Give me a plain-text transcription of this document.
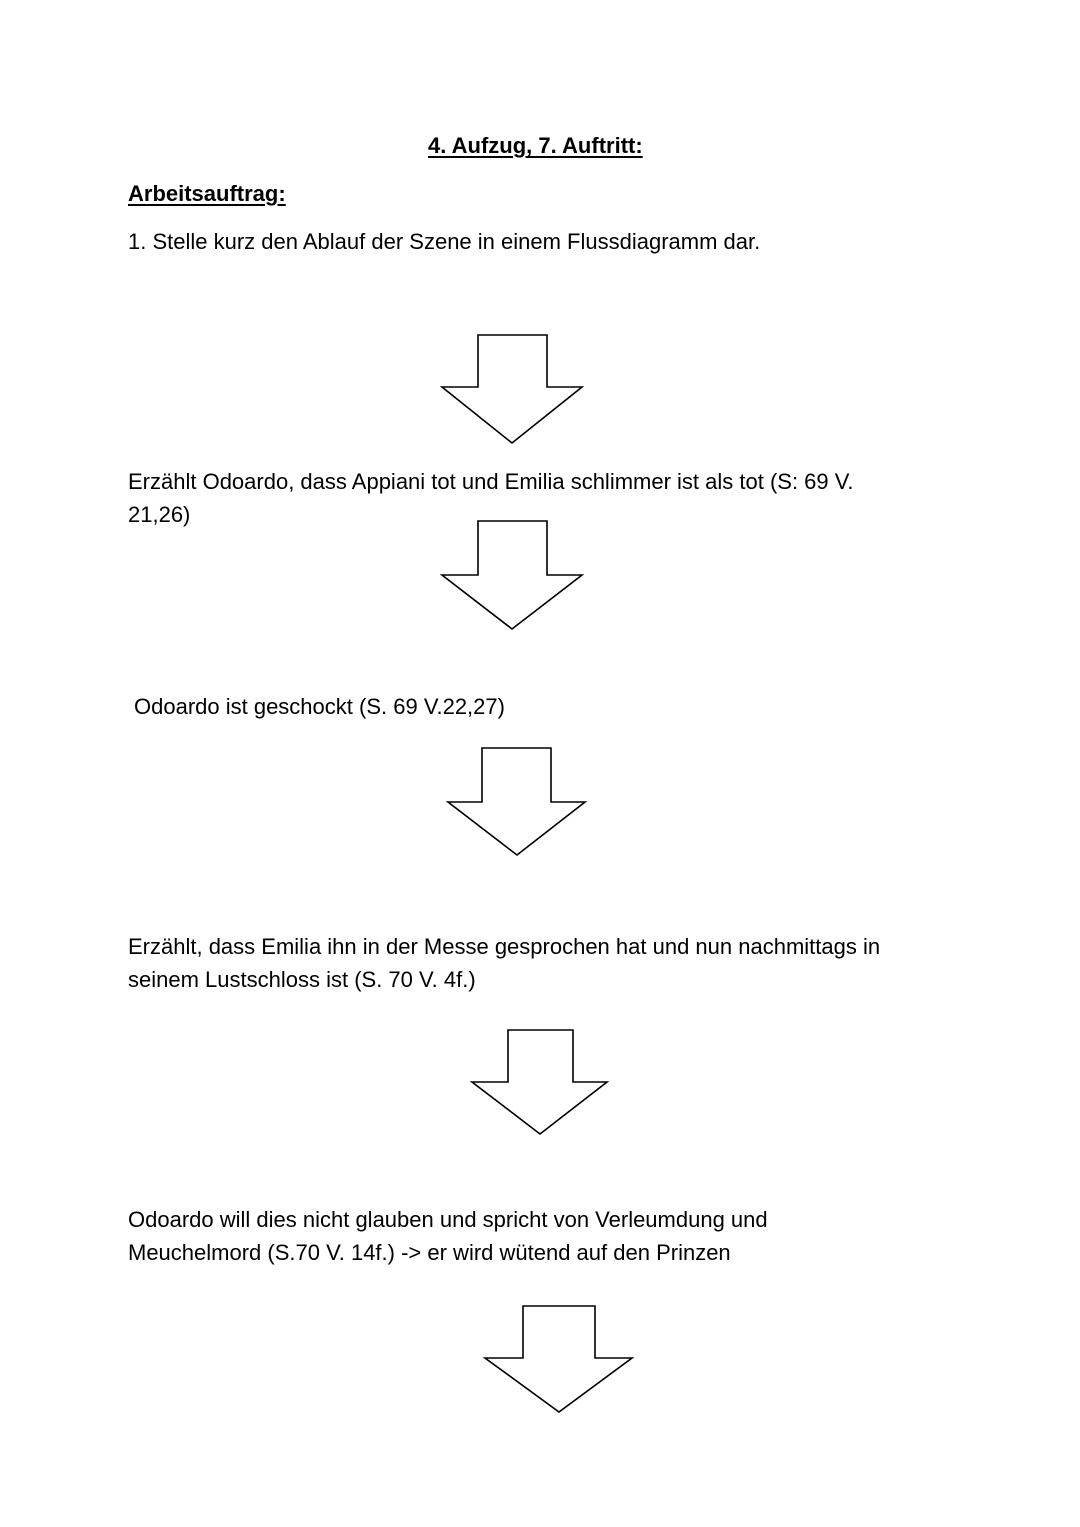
4. Aufzug, 7. Auftritt:

Arbeitsauftrag:

1. Stelle kurz den Ablauf der Szene in einem Flussdiagramm dar.

Erzählt Odoardo, dass Appiani tot und Emilia schlimmer ist als tot (S: 69 V.
21,26)
Odoardo ist geschockt (S. 69 V.22,27)
Erzählt, dass Emilia ihn in der Messe gesprochen hat und nun nachmittags in
seinem Lustschloss ist (S. 70 V. 4f.)
Odoardo will dies nicht glauben und spricht von Verleumdung und
Meuchelmord (S.70 V. 14f.) -> er wird wütend auf den Prinzen
